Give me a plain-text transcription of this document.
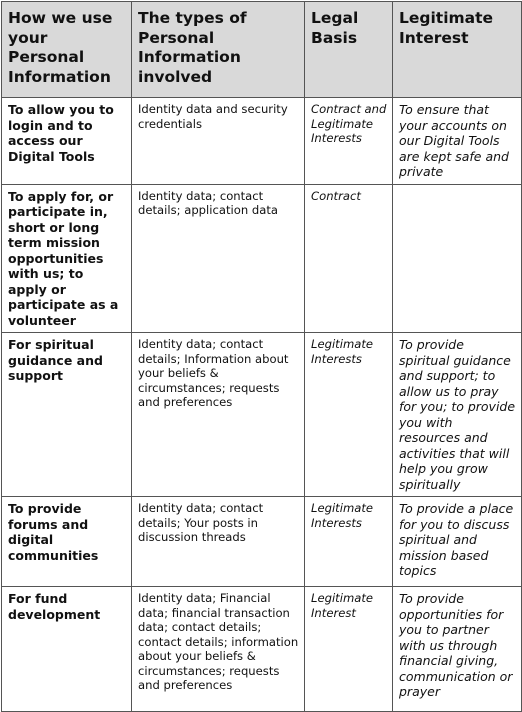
How we use your Personal Information	The types of Personal Information involved	Legal Basis	Legitimate Interest

To allow you to login and to access our Digital Tools	Identity data and security credentials	Contract and Legitimate Interests	To ensure that your accounts on our Digital Tools are kept safe and private

To apply for, or participate in, short or long term mission opportunities with us; to apply or participate as a volunteer	Identity data; contact details; application data	Contract	

For spiritual guidance and support	Identity data; contact details; Information about your beliefs & circumstances; requests and preferences	Legitimate Interests	To provide spiritual guidance and support; to allow us to pray for you; to provide you with resources and activities that will help you grow spiritually

To provide forums and digital communities	Identity data; contact details; Your posts in discussion threads	Legitimate Interests	To provide a place for you to discuss spiritual and mission based topics

For fund development	Identity data; Financial data; financial transaction data; contact details; contact details; information about your beliefs & circumstances; requests and preferences	Legitimate Interest	To provide opportunities for you to partner with us through financial giving, communication or prayer
